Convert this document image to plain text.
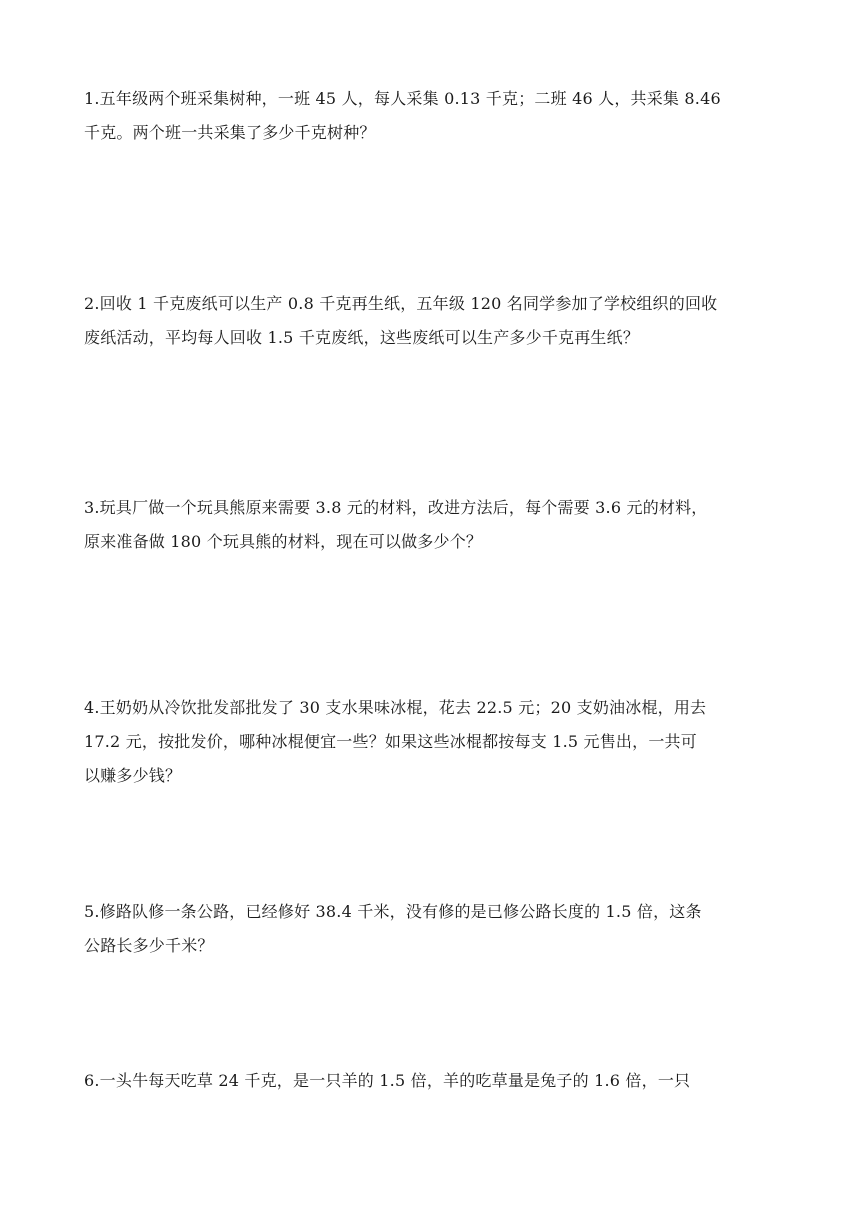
1.五年级两个班采集树种，一班 45 人，每人采集 0.13 千克；二班 46 人，共采集 8.46
千克。两个班一共采集了多少千克树种？
2.回收 1 千克废纸可以生产 0.8 千克再生纸，五年级 120 名同学参加了学校组织的回收
废纸活动，平均每人回收 1.5 千克废纸，这些废纸可以生产多少千克再生纸？
3.玩具厂做一个玩具熊原来需要 3.8 元的材料，改进方法后，每个需要 3.6 元的材料，
原来准备做 180 个玩具熊的材料，现在可以做多少个？
4.王奶奶从冷饮批发部批发了 30 支水果味冰棍，花去 22.5 元；20 支奶油冰棍，用去
17.2 元，按批发价，哪种冰棍便宜一些？如果这些冰棍都按每支 1.5 元售出，一共可
以赚多少钱？
5.修路队修一条公路，已经修好 38.4 千米，没有修的是已修公路长度的 1.5 倍，这条
公路长多少千米？
6.一头牛每天吃草 24 千克，是一只羊的 1.5 倍，羊的吃草量是兔子的 1.6 倍，一只
